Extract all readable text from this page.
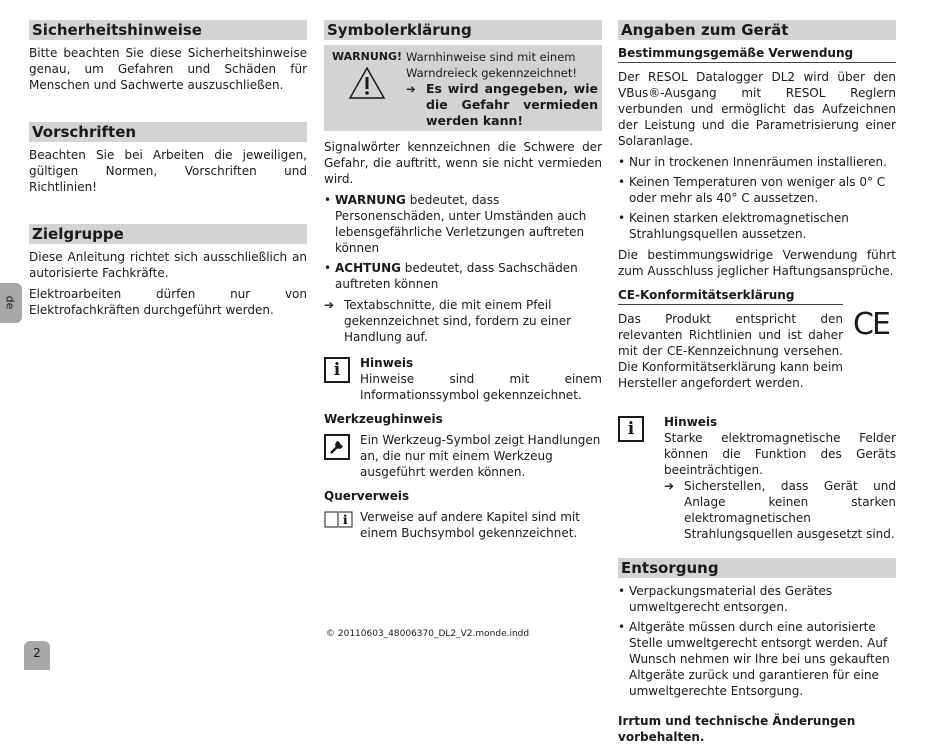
Sicherheitshinweise

Bitte beachten Sie diese Sicherheitshinweise genau, um Gefahren und Schäden für Menschen und Sachwerte auszuschließen.

Vorschriften

Beachten Sie bei Arbeiten die jeweiligen, gültigen Normen, Vorschriften und Richtlinien!

Zielgruppe

Diese Anleitung richtet sich ausschließlich an autorisierte Fachkräfte.

Elektroarbeiten dürfen nur von Elektrofachkräften durchgeführt werden.

Symbolerklärung
WARNUNG! Warnhinweise sind mit einem Warndreieck gekennzeichnet!
➔ Es wird angegeben, wie die Gefahr vermieden werden kann!

Signalwörter kennzeichnen die Schwere der Gefahr, die auftritt, wenn sie nicht vermieden wird.

• WARNUNG bedeutet, dass Personenschäden, unter Umständen auch lebensgefährliche Verletzungen auftreten können
• ACHTUNG bedeutet, dass Sachschäden auftreten können
➔ Textabschnitte, die mit einem Pfeil gekennzeichnet sind, fordern zu einer Handlung auf.
i	Hinweis
Hinweise sind mit einem Informationssymbol gekennzeichnet.
Werkzeughinweis
Ein Werkzeug-Symbol zeigt Handlungen an, die nur mit einem Werkzeug ausgeführt werden können.
Querverweis
i Verweise auf andere Kapitel sind mit einem Buchsymbol gekennzeichnet.
Angaben zum Gerät
Bestimmungsgemäße Verwendung

Der RESOL Datalogger DL2 wird über den VBus®-Ausgang mit RESOL Reglern verbunden und ermöglicht das Aufzeichnen der Leistung und die Parametrisierung einer Solaranlage.

• Nur in trockenen Innenräumen installieren.
• Keinen Temperaturen von weniger als 0° C oder mehr als 40° C aussetzen.
• Keinen starken elektromagnetischen Strahlungsquellen aussetzen.

Die bestimmungswidrige Verwendung führt zum Ausschluss jeglicher Haftungsansprüche.

CE-Konformitätserklärung

Das Produkt entspricht den relevanten Richtlinien und ist daher mit der CE-Kennzeichnung versehen. Die Konformitätserklärung kann beim Hersteller angefordert werden.

CE
i	Hinweis
Starke elektromagnetische Felder können die Funktion des Geräts beeinträchtigen.
➔ Sicherstellen, dass Gerät und Anlage keinen starken elektromagnetischen Strahlungsquellen ausgesetzt sind.
Entsorgung
• Verpackungsmaterial des Gerätes umweltgerecht entsorgen.
• Altgeräte müssen durch eine autorisierte Stelle umweltgerecht entsorgt werden. Auf Wunsch nehmen wir Ihre bei uns gekauften Altgeräte zurück und garantieren für eine umweltgerechte Entsorgung.
Irrtum und technische Änderungen vorbehalten.
de
2
© 20110603_48006370_DL2_V2.monde.indd
